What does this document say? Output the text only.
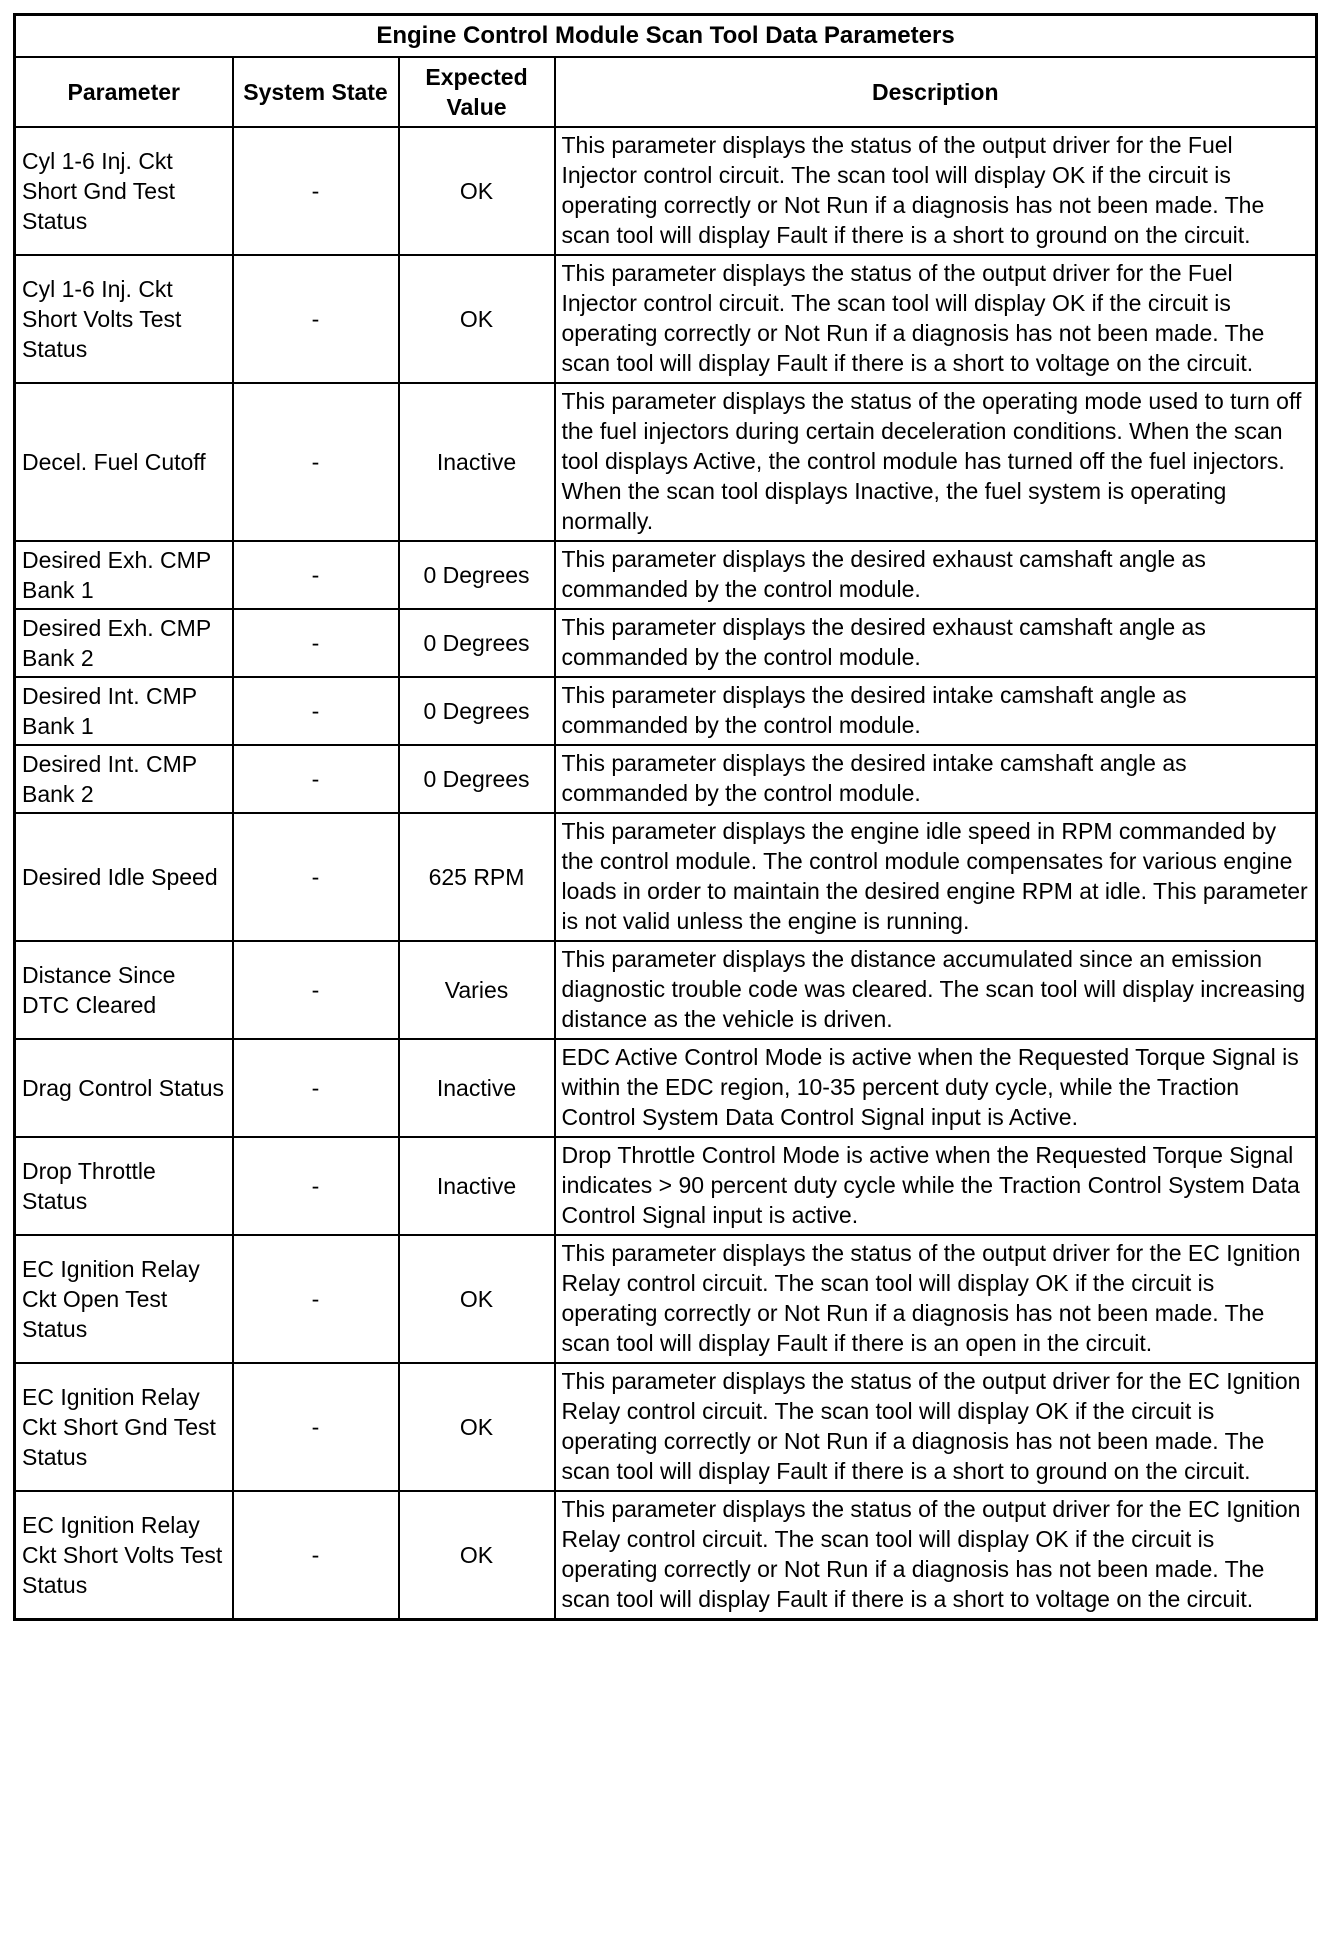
Engine Control Module Scan Tool Data Parameters			
Parameter	System State	Expected Value	Description
Cyl 1-6 Inj. Ckt Short Gnd Test Status	-	OK	This parameter displays the status of the output driver for the Fuel Injector control circuit. The scan tool will display OK if the circuit is operating correctly or Not Run if a diagnosis has not been made. The scan tool will display Fault if there is a short to ground on the circuit.
Cyl 1-6 Inj. Ckt Short Volts Test Status	-	OK	This parameter displays the status of the output driver for the Fuel Injector control circuit. The scan tool will display OK if the circuit is operating correctly or Not Run if a diagnosis has not been made. The scan tool will display Fault if there is a short to voltage on the circuit.
Decel. Fuel Cutoff	-	Inactive	This parameter displays the status of the operating mode used to turn off the fuel injectors during certain deceleration conditions. When the scan tool displays Active, the control module has turned off the fuel injectors. When the scan tool displays Inactive, the fuel system is operating normally.
Desired Exh. CMP Bank 1	-	0 Degrees	This parameter displays the desired exhaust camshaft angle as commanded by the control module.
Desired Exh. CMP Bank 2	-	0 Degrees	This parameter displays the desired exhaust camshaft angle as commanded by the control module.
Desired Int. CMP Bank 1	-	0 Degrees	This parameter displays the desired intake camshaft angle as commanded by the control module.
Desired Int. CMP Bank 2	-	0 Degrees	This parameter displays the desired intake camshaft angle as commanded by the control module.
Desired Idle Speed	-	625 RPM	This parameter displays the engine idle speed in RPM commanded by the control module. The control module compensates for various engine loads in order to maintain the desired engine RPM at idle. This parameter is not valid unless the engine is running.
Distance Since DTC Cleared	-	Varies	This parameter displays the distance accumulated since an emission diagnostic trouble code was cleared. The scan tool will display increasing distance as the vehicle is driven.
Drag Control Status	-	Inactive	EDC Active Control Mode is active when the Requested Torque Signal is within the EDC region, 10-35 percent duty cycle, while the Traction Control System Data Control Signal input is Active.
Drop Throttle Status	-	Inactive	Drop Throttle Control Mode is active when the Requested Torque Signal indicates > 90 percent duty cycle while the Traction Control System Data Control Signal input is active.
EC Ignition Relay Ckt Open Test Status	-	OK	This parameter displays the status of the output driver for the EC Ignition Relay control circuit. The scan tool will display OK if the circuit is operating correctly or Not Run if a diagnosis has not been made. The scan tool will display Fault if there is an open in the circuit.
EC Ignition Relay Ckt Short Gnd Test Status	-	OK	This parameter displays the status of the output driver for the EC Ignition Relay control circuit. The scan tool will display OK if the circuit is operating correctly or Not Run if a diagnosis has not been made. The scan tool will display Fault if there is a short to ground on the circuit.
EC Ignition Relay Ckt Short Volts Test Status	-	OK	This parameter displays the status of the output driver for the EC Ignition Relay control circuit. The scan tool will display OK if the circuit is operating correctly or Not Run if a diagnosis has not been made. The scan tool will display Fault if there is a short to voltage on the circuit.
